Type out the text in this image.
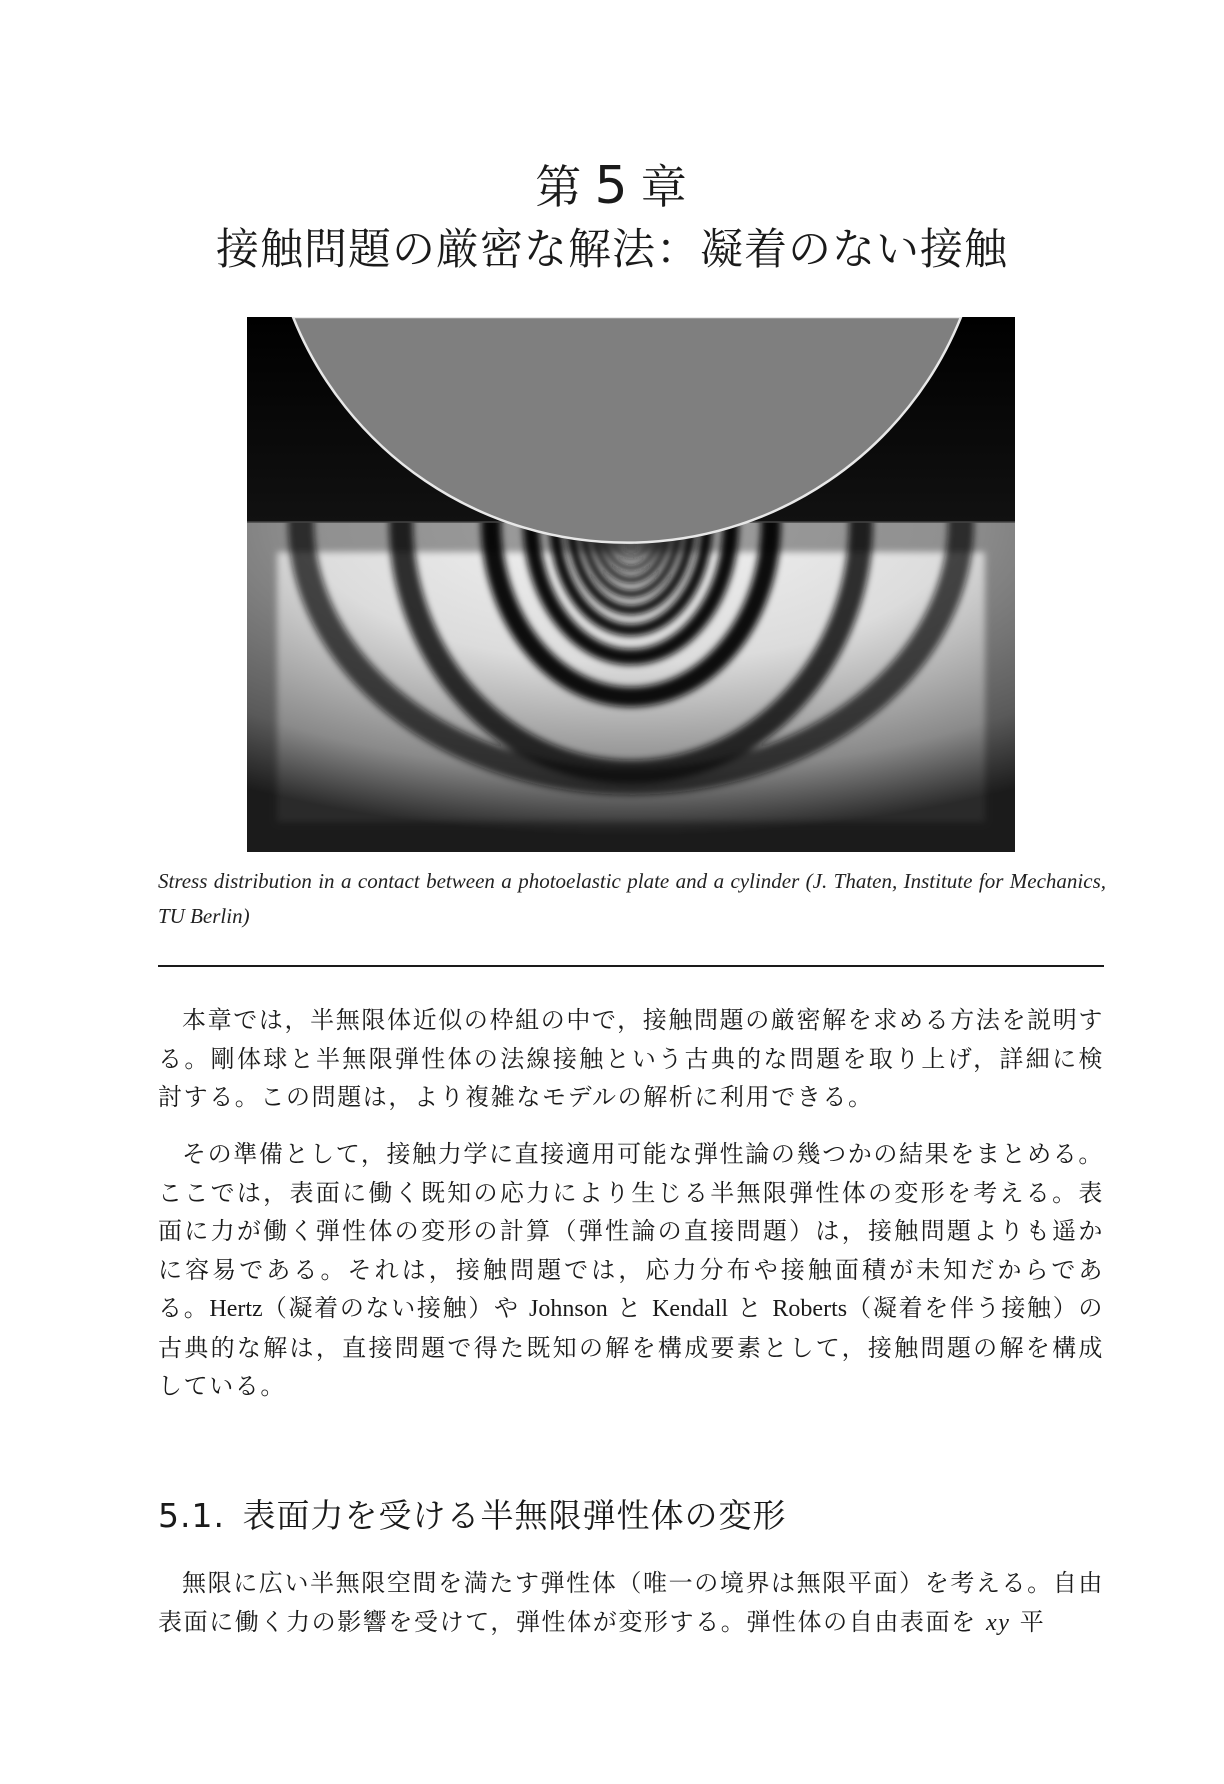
第  5  章
接触問題の厳密な解法：凝着のない接触
Stress distribution in a contact between a photoelastic plate and a cylinder (J. Thaten, Institute for Mechanics, TU Berlin)

本章では，半無限体近似の枠組の中で，接触問題の厳密解を求める方法を説明する。剛体球と半無限弾性体の法線接触という古典的な問題を取り上げ，詳細に検討する。この問題は，より複雑なモデルの解析に利用できる。

その準備として，接触力学に直接適用可能な弾性論の幾つかの結果をまとめる。ここでは，表面に働く既知の応力により生じる半無限弾性体の変形を考える。表面に力が働く弾性体の変形の計算（弾性論の直接問題）は，接触問題よりも遥かに容易である。それは，接触問題では，応力分布や接触面積が未知だからである。Hertz（凝着のない接触）や Johnson と Kendall と Roberts（凝着を伴う接触）の古典的な解は，直接問題で得た既知の解を構成要素として，接触問題の解を構成している。

5.1.  表面力を受ける半無限弾性体の変形

無限に広い半無限空間を満たす弾性体（唯一の境界は無限平面）を考える。自由表面に働く力の影響を受けて，弾性体が変形する。弾性体の自由表面を xy 平
